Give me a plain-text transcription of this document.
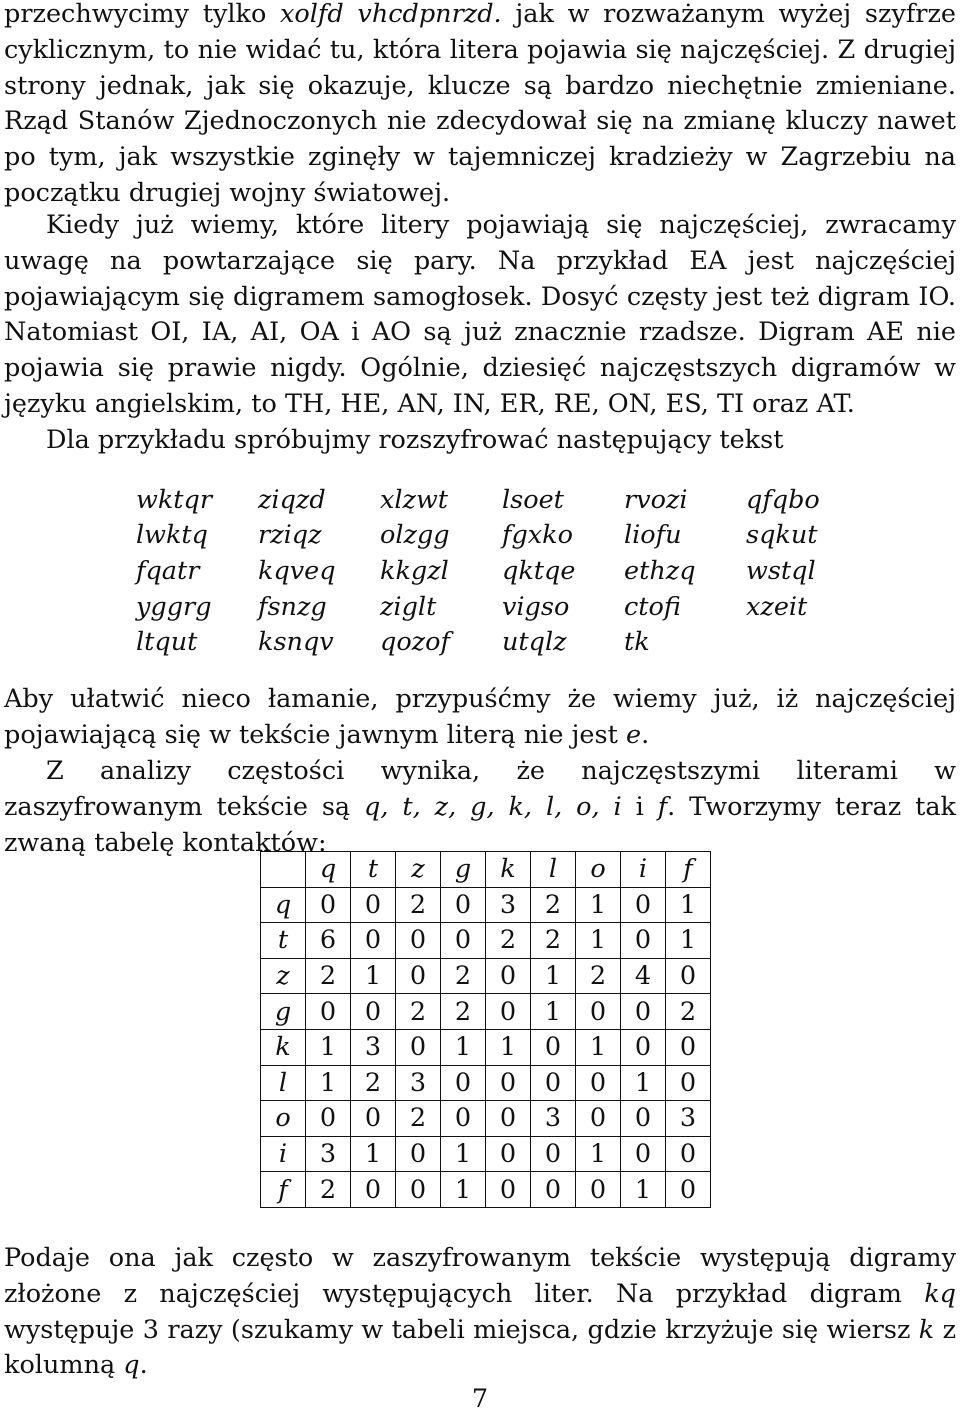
przechwycimy tylko xolfd vhcdpnrzd. jak w rozważanym wyżej szyfrze cyklicznym, to nie widać tu, która litera pojawia się najczęściej. Z drugiej strony jednak, jak się okazuje, klucze są bardzo niechętnie zmieniane. Rząd Stanów Zjednoczonych nie zdecydował się na zmianę kluczy nawet po tym, jak wszystkie zginęły w tajemniczej kradzieży w Zagrzebiu na początku drugiej wojny światowej.

Kiedy już wiemy, które litery pojawiają się najczęściej, zwracamy uwagę na powtarzające się pary. Na przykład EA jest najczęściej pojawiającym się digramem samogłosek. Dosyć częsty jest też digram IO. Natomiast OI, IA, AI, OA i AO są już znacznie rzadsze. Digram AE nie pojawia się prawie nigdy. Ogólnie, dziesięć najczęstszych digramów w języku angielskim, to TH, HE, AN, IN, ER, RE, ON, ES, TI oraz AT.

Dla przykładu spróbujmy rozszyfrować następujący tekst

wktqr	ziqzd	xlzwt	lsoet	rvozi	qfqbo
lwktq	rziqz	olzgg	fgxko	liofu	sqkut
fqatr	kqveq	kkgzl	qktqe	ethzq	wstql
yggrg	fsnzg	ziglt	vigso	ctofi	xzeit
ltqut	ksnqv	qozof	utqlz	tk	

Aby ułatwić nieco łamanie, przypuśćmy że wiemy już, iż najczęściej pojawiającą się w tekście jawnym literą nie jest e.

Z analizy częstości wynika, że najczęstszymi literami w zaszyfrowanym tekście są q, t, z, g, k, l, o, i i f. Tworzymy teraz tak zwaną tabelę kontaktów:

	q	t	z	g	k	l	o	i	f
q	0	0	2	0	3	2	1	0	1
t	6	0	0	0	2	2	1	0	1
z	2	1	0	2	0	1	2	4	0
g	0	0	2	2	0	1	0	0	2
k	1	3	0	1	1	0	1	0	0
l	1	2	3	0	0	0	0	1	0
o	0	0	2	0	0	3	0	0	3
i	3	1	0	1	0	0	1	0	0
f	2	0	0	1	0	0	0	1	0

Podaje ona jak często w zaszyfrowanym tekście występują digramy złożone z najczęściej występujących liter. Na przykład digram kq występuje 3 razy (szukamy w tabeli miejsca, gdzie krzyżuje się wiersz k z kolumną q.

7
